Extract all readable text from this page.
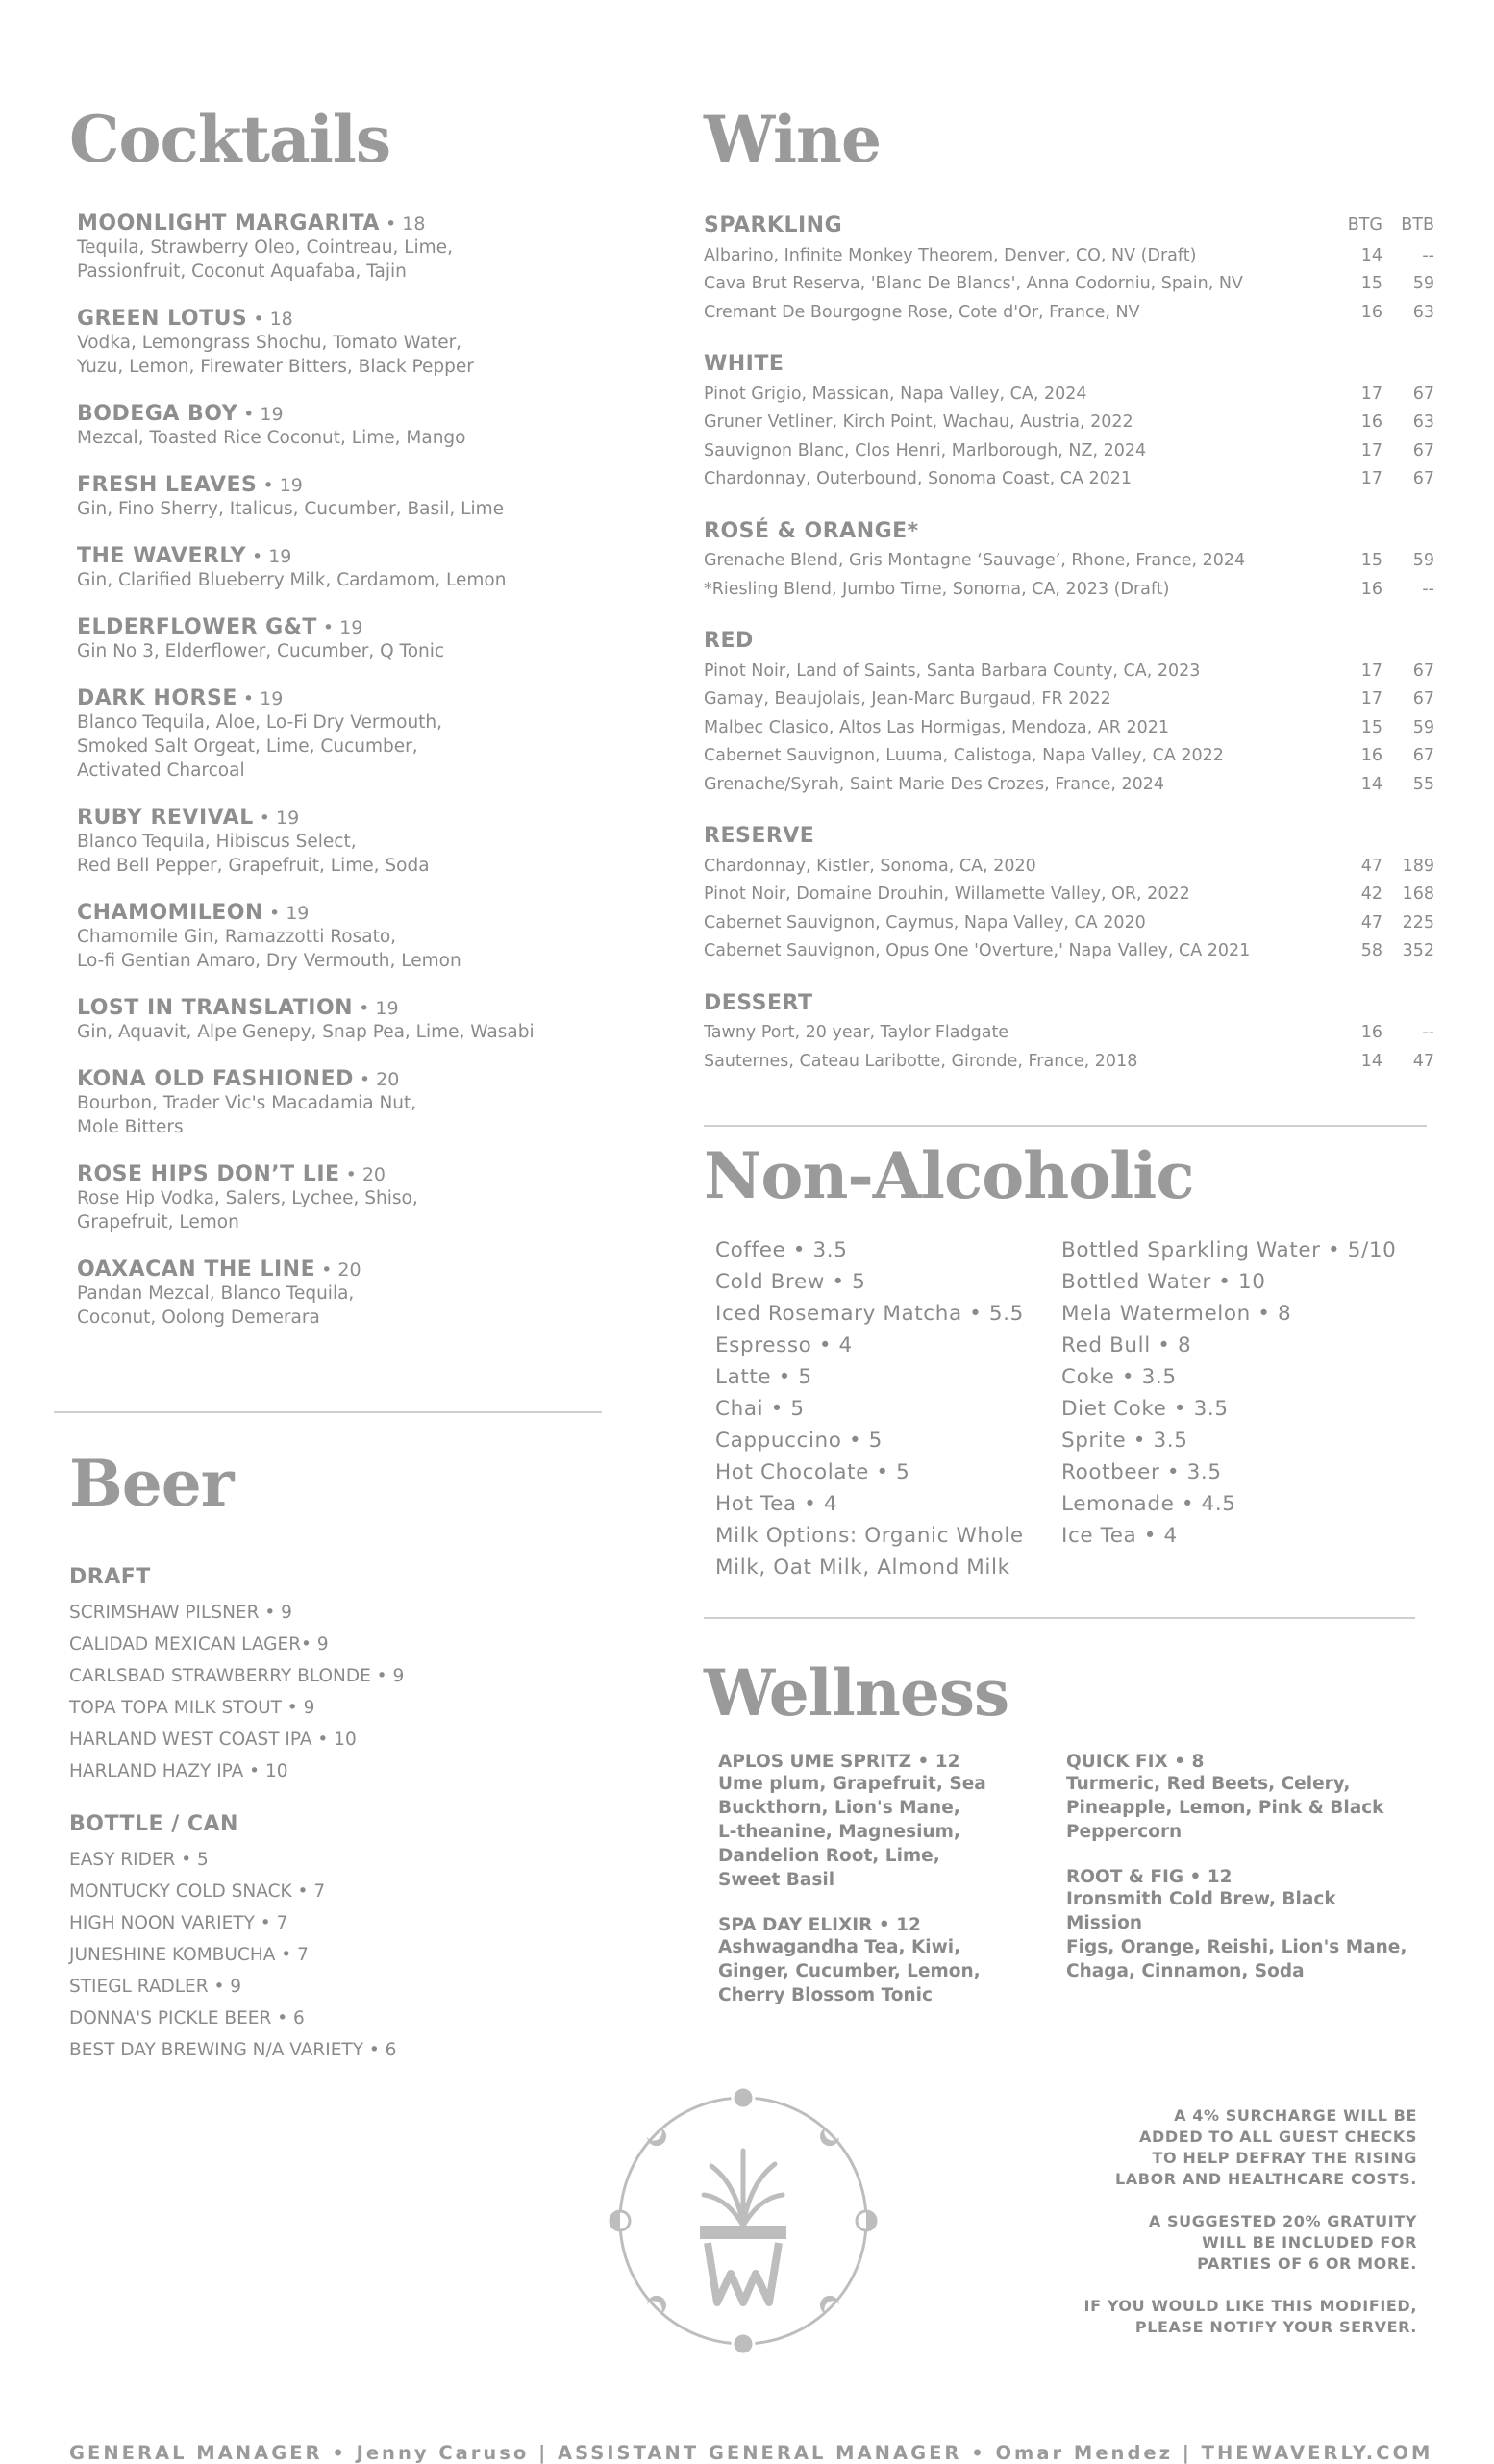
Cocktails
MOONLIGHT MARGARITA • 18
Tequila, Strawberry Oleo, Cointreau, Lime,
Passionfruit, Coconut Aquafaba, Tajin
GREEN LOTUS • 18
Vodka, Lemongrass Shochu, Tomato Water,
Yuzu, Lemon, Firewater Bitters, Black Pepper
BODEGA BOY • 19
Mezcal, Toasted Rice Coconut, Lime, Mango
FRESH LEAVES • 19
Gin, Fino Sherry, Italicus, Cucumber, Basil, Lime
THE WAVERLY • 19
Gin, Clarified Blueberry Milk, Cardamom, Lemon
ELDERFLOWER G&T • 19
Gin No 3, Elderflower, Cucumber, Q Tonic
DARK HORSE • 19
Blanco Tequila, Aloe, Lo-Fi Dry Vermouth,
Smoked Salt Orgeat, Lime, Cucumber,
Activated Charcoal
RUBY REVIVAL • 19
Blanco Tequila, Hibiscus Select,
Red Bell Pepper, Grapefruit, Lime, Soda
CHAMOMILEON • 19
Chamomile Gin, Ramazzotti Rosato,
Lo-fi Gentian Amaro, Dry Vermouth, Lemon
LOST IN TRANSLATION • 19
Gin, Aquavit, Alpe Genepy, Snap Pea, Lime, Wasabi
KONA OLD FASHIONED • 20
Bourbon, Trader Vic's Macadamia Nut,
Mole Bitters
ROSE HIPS DON’T LIE • 20
Rose Hip Vodka, Salers, Lychee, Shiso,
Grapefruit, Lemon
OAXACAN THE LINE • 20
Pandan Mezcal, Blanco Tequila,
Coconut, Oolong Demerara
Beer
DRAFT
SCRIMSHAW PILSNER • 9
CALIDAD MEXICAN LAGER• 9
CARLSBAD STRAWBERRY BLONDE • 9
TOPA TOPA MILK STOUT • 9
HARLAND WEST COAST IPA • 10
HARLAND HAZY IPA • 10
BOTTLE / CAN
EASY RIDER • 5
MONTUCKY COLD SNACK • 7
HIGH NOON VARIETY • 7
JUNESHINE KOMBUCHA • 7
STIEGL RADLER • 9
DONNA'S PICKLE BEER • 6
BEST DAY BREWING N/A VARIETY • 6
Wine
SPARKLING	BTG	BTB
Albarino, Infinite Monkey Theorem, Denver, CO, NV (Draft)	14	--
Cava Brut Reserva, 'Blanc De Blancs', Anna Codorniu, Spain, NV	15	59
Cremant De Bourgogne Rose, Cote d'Or, France, NV	16	63
WHITE
Pinot Grigio, Massican, Napa Valley, CA, 2024	17	67
Gruner Vetliner, Kirch Point, Wachau, Austria, 2022	16	63
Sauvignon Blanc, Clos Henri, Marlborough, NZ, 2024	17	67
Chardonnay, Outerbound, Sonoma Coast, CA 2021	17	67
ROSÉ & ORANGE*
Grenache Blend, Gris Montagne ‘Sauvage’, Rhone, France, 2024	15	59
*Riesling Blend, Jumbo Time, Sonoma, CA, 2023 (Draft)	16	--
RED
Pinot Noir, Land of Saints, Santa Barbara County, CA, 2023	17	67
Gamay, Beaujolais, Jean-Marc Burgaud, FR 2022	17	67
Malbec Clasico, Altos Las Hormigas, Mendoza, AR 2021	15	59
Cabernet Sauvignon, Luuma, Calistoga, Napa Valley, CA 2022	16	67
Grenache/Syrah, Saint Marie Des Crozes, France, 2024	14	55
RESERVE
Chardonnay, Kistler, Sonoma, CA, 2020	47	189
Pinot Noir, Domaine Drouhin, Willamette Valley, OR, 2022	42	168
Cabernet Sauvignon, Caymus, Napa Valley, CA 2020	47	225
Cabernet Sauvignon, Opus One 'Overture,' Napa Valley, CA 2021	58	352
DESSERT
Tawny Port, 20 year, Taylor Fladgate	16	--
Sauternes, Cateau Laribotte, Gironde, France, 2018	14	47
Non-Alcoholic
Coffee • 3.5
Cold Brew • 5
Iced Rosemary Matcha • 5.5
Espresso • 4
Latte • 5
Chai • 5
Cappuccino • 5
Hot Chocolate • 5
Hot Tea • 4
Milk Options: Organic Whole
Milk, Oat Milk, Almond Milk
Bottled Sparkling Water • 5/10
Bottled Water • 10
Mela Watermelon • 8
Red Bull • 8
Coke • 3.5
Diet Coke • 3.5
Sprite • 3.5
Rootbeer • 3.5
Lemonade • 4.5
Ice Tea • 4
Wellness
APLOS UME SPRITZ • 12
Ume plum, Grapefruit, Sea
Buckthorn, Lion's Mane,
L-theanine, Magnesium,
Dandelion Root, Lime,
Sweet Basil
SPA DAY ELIXIR • 12
Ashwagandha Tea, Kiwi,
Ginger, Cucumber, Lemon,
Cherry Blossom Tonic
QUICK FIX • 8
Turmeric, Red Beets, Celery,
Pineapple, Lemon, Pink & Black
Peppercorn
ROOT & FIG • 12
Ironsmith Cold Brew, Black Mission
Figs, Orange, Reishi, Lion's Mane,
Chaga, Cinnamon, Soda
A 4% SURCHARGE WILL BE
ADDED TO ALL GUEST CHECKS
TO HELP DEFRAY THE RISING
LABOR AND HEALTHCARE COSTS.
A SUGGESTED 20% GRATUITY
WILL BE INCLUDED FOR
PARTIES OF 6 OR MORE.
IF YOU WOULD LIKE THIS MODIFIED,
PLEASE NOTIFY YOUR SERVER.
GENERAL MANAGER • Jenny Caruso | ASSISTANT GENERAL MANAGER • Omar Mendez | THEWAVERLY.COM
